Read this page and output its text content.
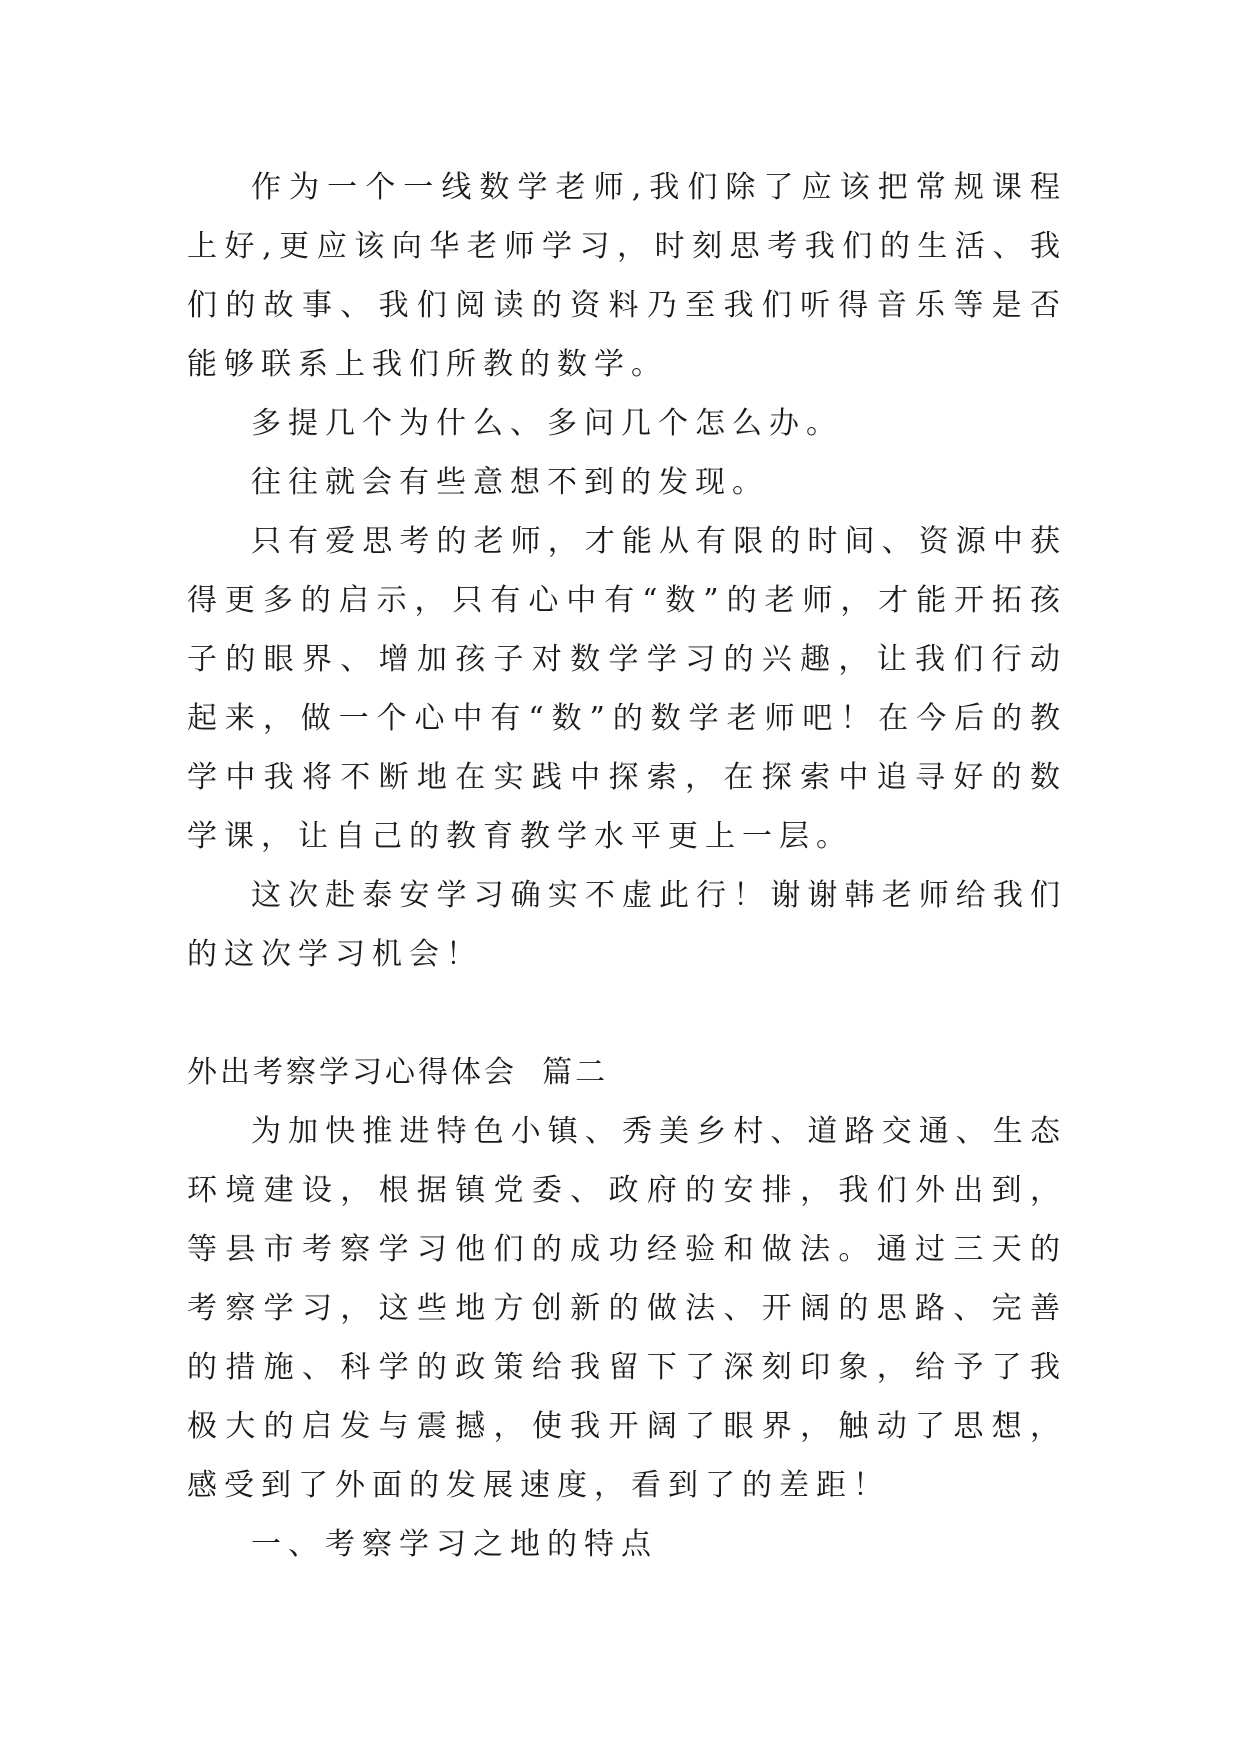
作为一个一线数学老师,我们除了应该把常规课程上好,更应该向华老师学习，时刻思考我们的生活、我们的故事、我们阅读的资料乃至我们听得音乐等是否能够联系上我们所教的数学。

多提几个为什么、多问几个怎么办。

往往就会有些意想不到的发现。

只有爱思考的老师，才能从有限的时间、资源中获得更多的启示，只有心中有“数”的老师，才能开拓孩子的眼界、增加孩子对数学学习的兴趣，让我们行动起来，做一个心中有“数”的数学老师吧！在今后的教学中我将不断地在实践中探索，在探索中追寻好的数学课，让自己的教育教学水平更上一层。

这次赴泰安学习确实不虚此行！谢谢韩老师给我们的这次学习机会！

外出考察学习心得体会  篇二

为加快推进特色小镇、秀美乡村、道路交通、生态环境建设，根据镇党委、政府的安排，我们外出到，等县市考察学习他们的成功经验和做法。通过三天的考察学习，这些地方创新的做法、开阔的思路、完善的措施、科学的政策给我留下了深刻印象，给予了我极大的启发与震撼，使我开阔了眼界，触动了思想，感受到了外面的发展速度，看到了的差距！

一、考察学习之地的特点
